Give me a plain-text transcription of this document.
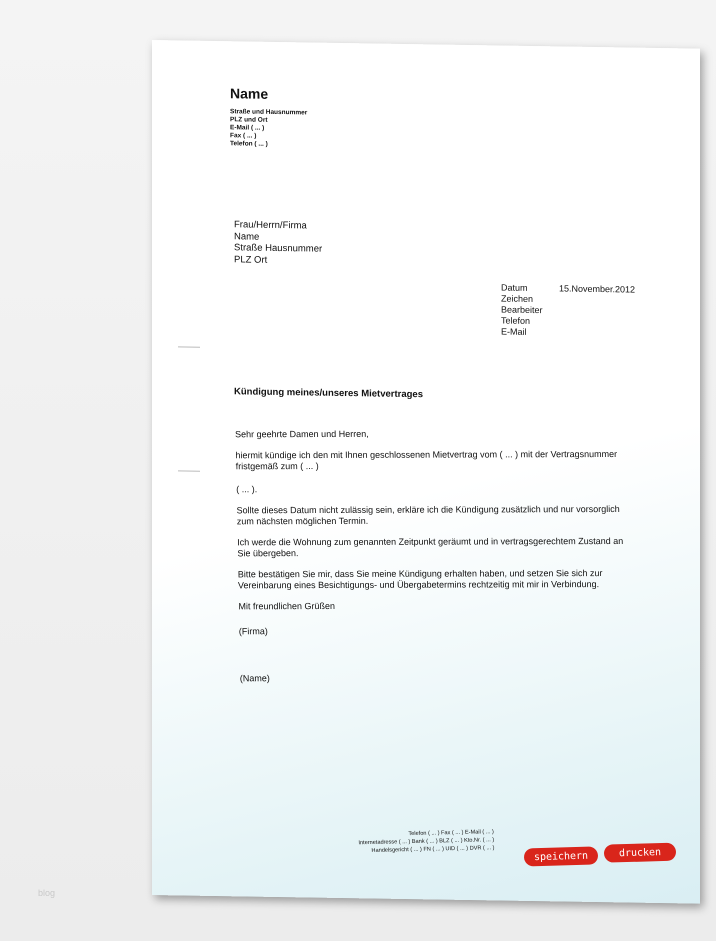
Name
Straße und Hausnummer
PLZ und Ort
E-Mail ( ... )
Fax ( ... )
Telefon ( ... )
Frau/Herrn/Firma
Name
Straße Hausnummer
PLZ Ort
Datum	15.November.2012
Zeichen
Bearbeiter
Telefon
E-Mail
Kündigung meines/unseres Mietvertrages

Sehr geehrte Damen und Herren,

hiermit kündige ich den mit Ihnen geschlossenen Mietvertrag vom ( ... ) mit der Vertragsnummer fristgemäß zum ( ... )

( ... ).

Sollte dieses Datum nicht zulässig sein, erkläre ich die Kündigung zusätzlich und nur vorsorglich zum nächsten möglichen Termin.

Ich werde die Wohnung zum genannten Zeitpunkt geräumt und in vertragsgerechtem Zustand an Sie übergeben.

Bitte bestätigen Sie mir, dass Sie meine Kündigung erhalten haben, und setzen Sie sich zur Vereinbarung eines Besichtigungs- und Übergabetermins rechtzeitig mit mir in Verbindung.

Mit freundlichen Grüßen

(Firma)

(Name)

Telefon ( ... ) Fax ( ... ) E-Mail ( ... )
Internetadresse ( ... ) Bank ( ... ) BLZ ( ... ) Kto.Nr. ( ... )
Handelsgericht ( ... ) FN ( ... ) UID ( ... ) DVR ( ... )
speichern	drucken
blog
